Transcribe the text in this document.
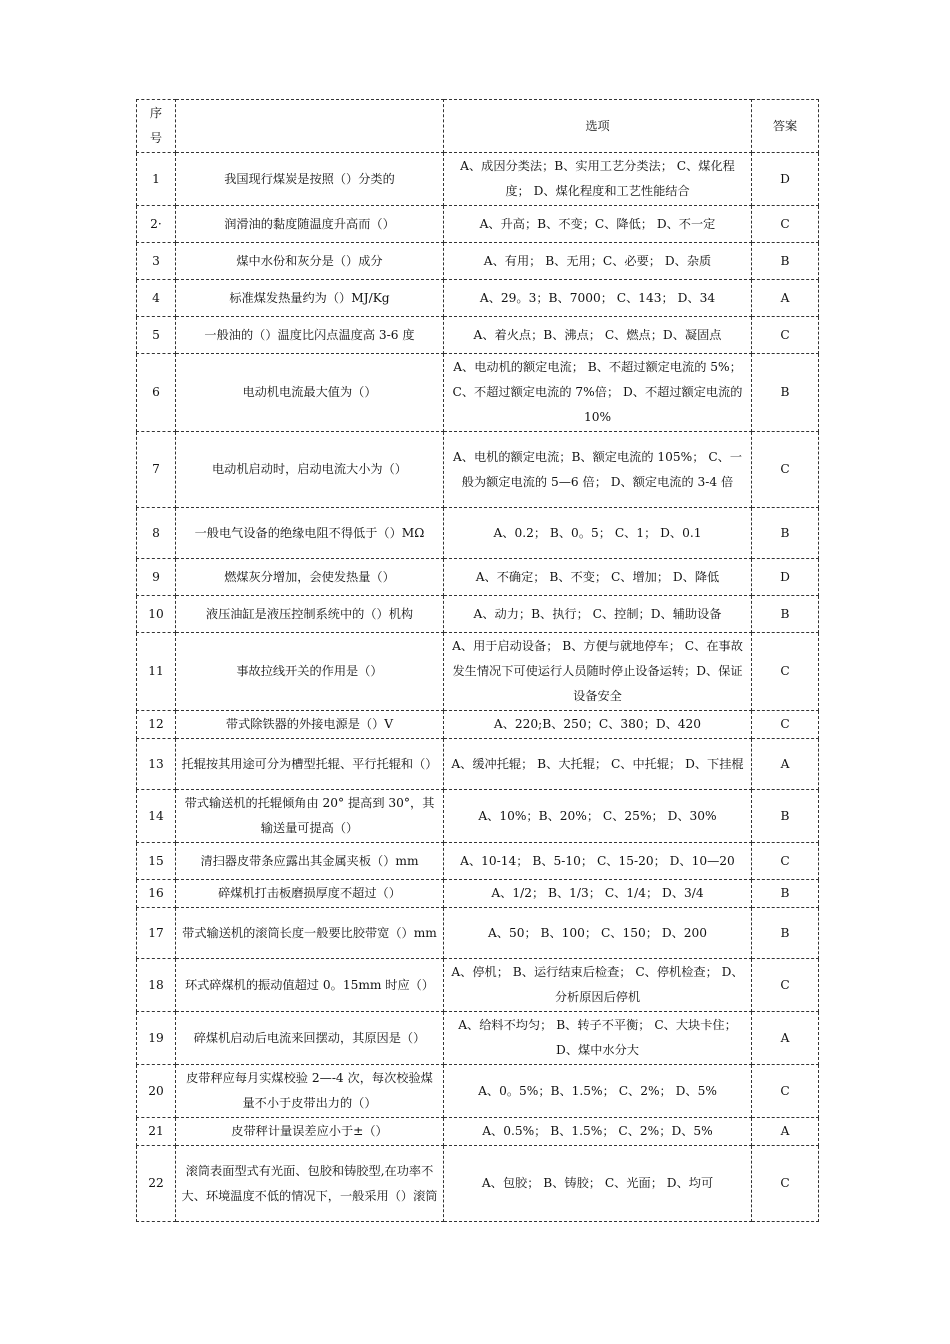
序号		选项	答案
1	我国现行煤炭是按照（）分类的	A、成因分类法；B、实用工艺分类法； C、煤化程度； D、煤化程度和工艺性能结合	D
2·	润滑油的黏度随温度升高而（）	A、升高；B、不变；C、降低； D、不一定	C
3	煤中水份和灰分是（）成分	A、有用； B、无用；C、必要； D、杂质	B
4	标准煤发热量约为（）MJ/Kg	A、29。3；B、7000； C、143； D、34	A
5	一般油的（）温度比闪点温度高 3-6 度	A、着火点；B、沸点； C、燃点；D、凝固点	C
6	电动机电流最大值为（）	A、电动机的额定电流； B、不超过额定电流的 5%； C、不超过额定电流的 7%倍； D、不超过额定电流的 10%	B
7	电动机启动时，启动电流大小为（）	A、电机的额定电流；B、额定电流的 105%； C、一般为额定电流的 5—6 倍； D、额定电流的 3-4 倍	C
8	一般电气设备的绝缘电阻不得低于（）MΩ	A、0.2； B、0。5； C、1； D、0.1	B
9	燃煤灰分增加，会使发热量（）	A、不确定； B、不变； C、增加； D、降低	D
10	液压油缸是液压控制系统中的（）机构	A、动力；B、执行； C、控制；D、辅助设备	B
11	事故拉线开关的作用是（）	A、用于启动设备； B、方便与就地停车； C、在事故发生情况下可使运行人员随时停止设备运转；D、保证设备安全	C
12	带式除铁器的外接电源是（）V	A、220;B、250；C、380；D、420	C
13	托辊按其用途可分为槽型托辊、平行托辊和（）	A、缓冲托辊； B、大托辊； C、中托辊； D、下挂棍	A
14	带式输送机的托辊倾角由 20° 提高到 30°，其输送量可提高（）	A、10%；B、20%； C、25%； D、30%	B
15	清扫器皮带条应露出其金属夹板（）mm	A、10-14； B、5-10； C、15-20； D、10—20	C
16	碎煤机打击板磨损厚度不超过（）	A、1/2； B、1/3； C、1/4； D、3/4	B
17	带式输送机的滚筒长度一般要比胶带宽（）mm	A、50； B、100； C、150； D、200	B
18	环式碎煤机的振动值超过 0。15mm 时应（）	A、停机； B、运行结束后检查； C、停机检查； D、分析原因后停机	C
19	碎煤机启动后电流来回摆动，其原因是（）	A、给料不均匀； B、转子不平衡； C、大块卡住； D、煤中水分大	A
20	皮带秤应每月实煤校验 2—-4 次，每次校验煤量不小于皮带出力的（）	A、0。5%；B、1.5%； C、2%； D、5%	C
21	皮带秤计量误差应小于±（）	A、0.5%； B、1.5%； C、2%；D、5%	A
22	滚筒表面型式有光面、包胶和铸胶型,在功率不大、环境温度不低的情况下，一般采用（）滚筒	A、包胶； B、铸胶； C、光面； D、均可	C
